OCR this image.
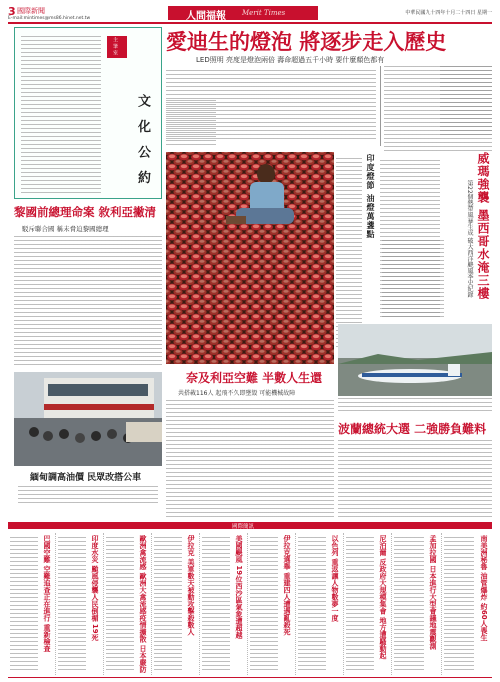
3 國際新聞
E-mail:mintimes@ms86.hinet.net.tw	人間福報 Merit Times	中華民國九十四年十月二十四日 星期一
主 筆 室
文 化 公 約
愛迪生的燈泡 將逐步走入歷史
LED照明 亮度是燈泡兩倍 壽命超過五千小時 要什麼顏色都有
黎國前總理命案 敘利亞撇清
駁斥聯合國 稱未脅迫黎國總理	印度燈節 油燈萬盞點	威瑪強襲 墨西哥水淹三樓
第22個熱帶風暴生成 破大西洋颶風季史紀錄
奈及利亞空難 半數人生還
共搭載116人 起飛不久即墜毀 可能機械故障
緬甸調高油價 民眾改搭公車
波蘭總統大選 二強勝負難料
國際簡訊
巴國空難 空難追查正在進行 重新檢查	印度水災 颱風侵襲人民倒楣 19死	歐洲禽流感 歐洲大禽流感疫情擴散 日本嚴防	伊拉克 美軍數天被動攻擊殺數人	美國颶風 19位西沙區氣象遭超越	伊拉克選舉 重建四人遭遇亂殺死	以色列 重返讓人物數夢一度	尼泊爾 反政府大規模集會 地方遭騷動起	孟加拉國 日本進行大型會議地震觀測	南美洲秘魯 油管爆炸 約60人喪生
